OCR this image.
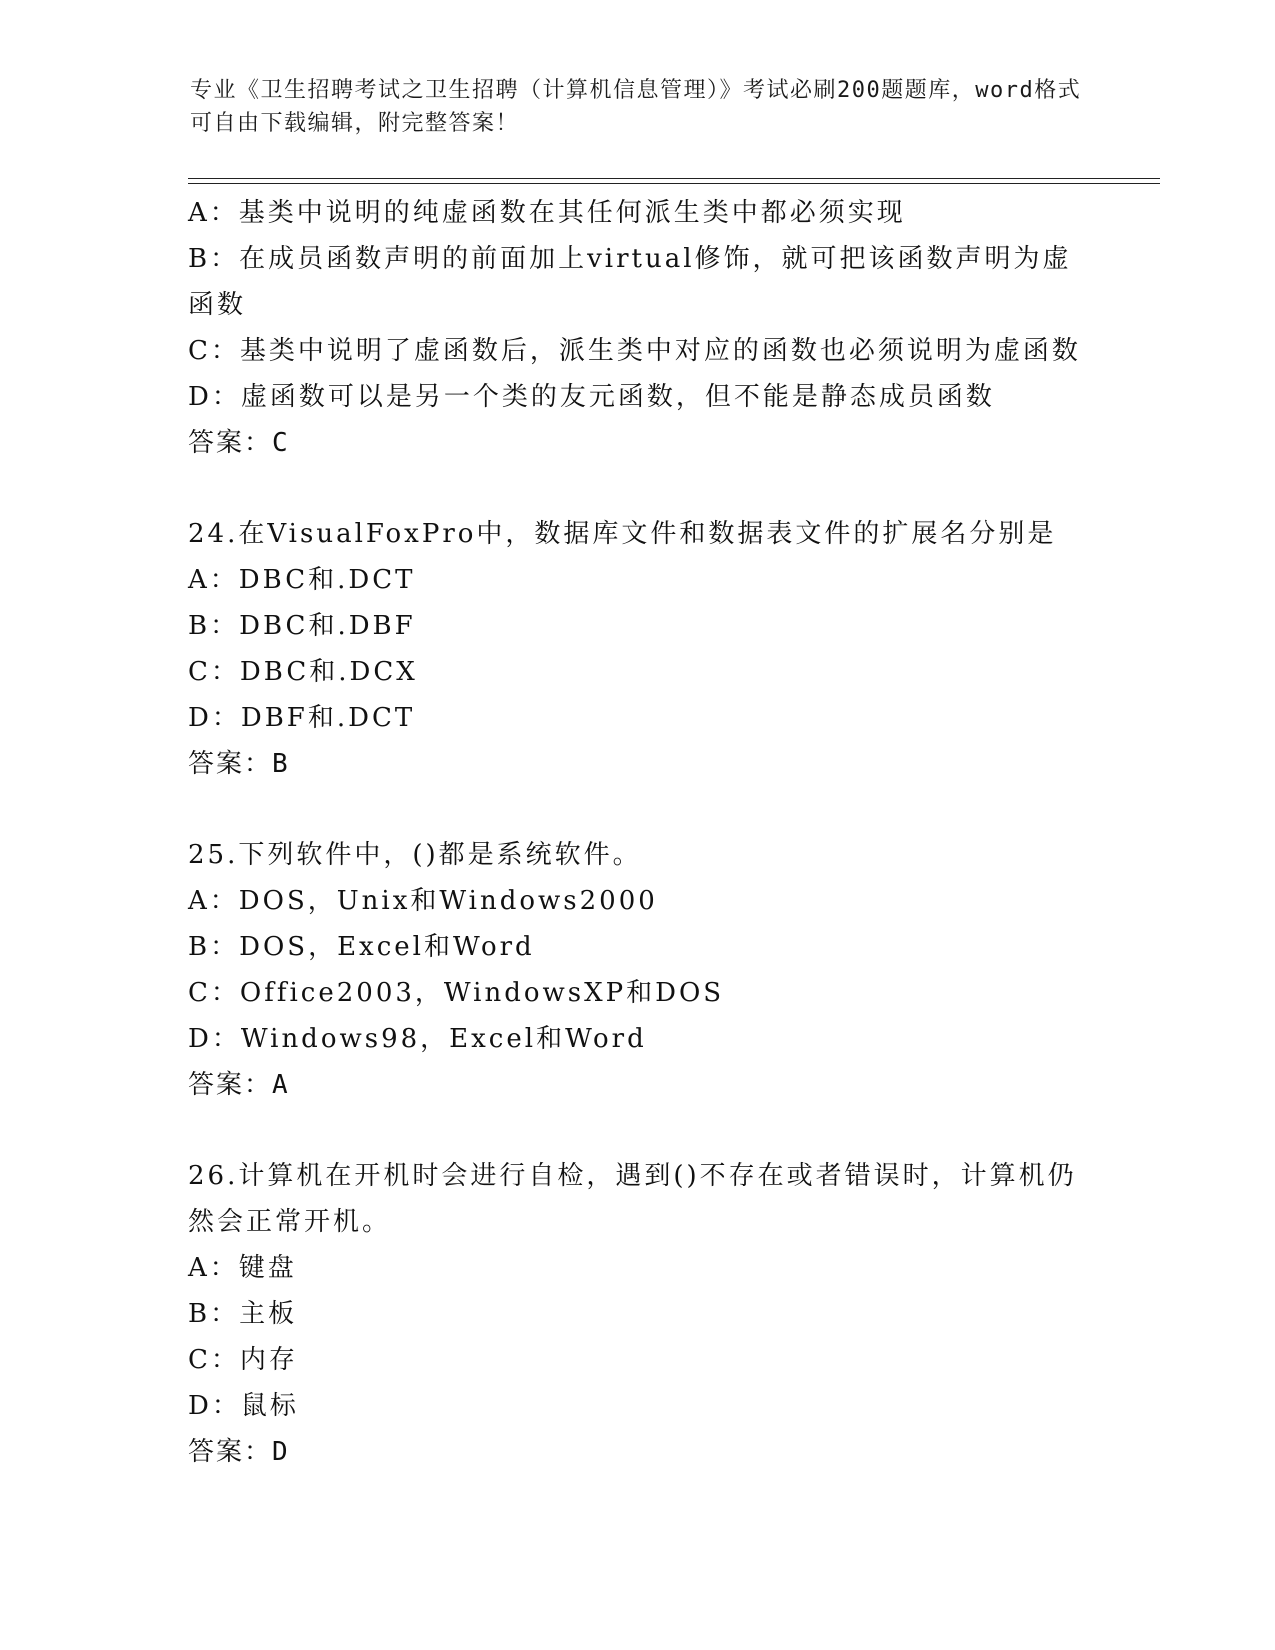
专业《卫生招聘考试之卫生招聘（计算机信息管理）》考试必刷200题题库，word格式可自由下载编辑，附完整答案！
A：基类中说明的纯虚函数在其任何派生类中都必须实现
B：在成员函数声明的前面加上virtual修饰，就可把该函数声明为虚函数
C：基类中说明了虚函数后，派生类中对应的函数也必须说明为虚函数
D：虚函数可以是另一个类的友元函数，但不能是静态成员函数
答案：C
24.在VisualFoxPro中，数据库文件和数据表文件的扩展名分别是
A：DBC和.DCT
B：DBC和.DBF
C：DBC和.DCX
D：DBF和.DCT
答案：B
25.下列软件中，()都是系统软件。
A：DOS，Unix和Windows2000
B：DOS，Excel和Word
C：Office2003，WindowsXP和DOS
D：Windows98，Excel和Word
答案：A
26.计算机在开机时会进行自检，遇到()不存在或者错误时，计算机仍然会正常开机。
A：键盘
B：主板
C：内存
D：鼠标
答案：D
